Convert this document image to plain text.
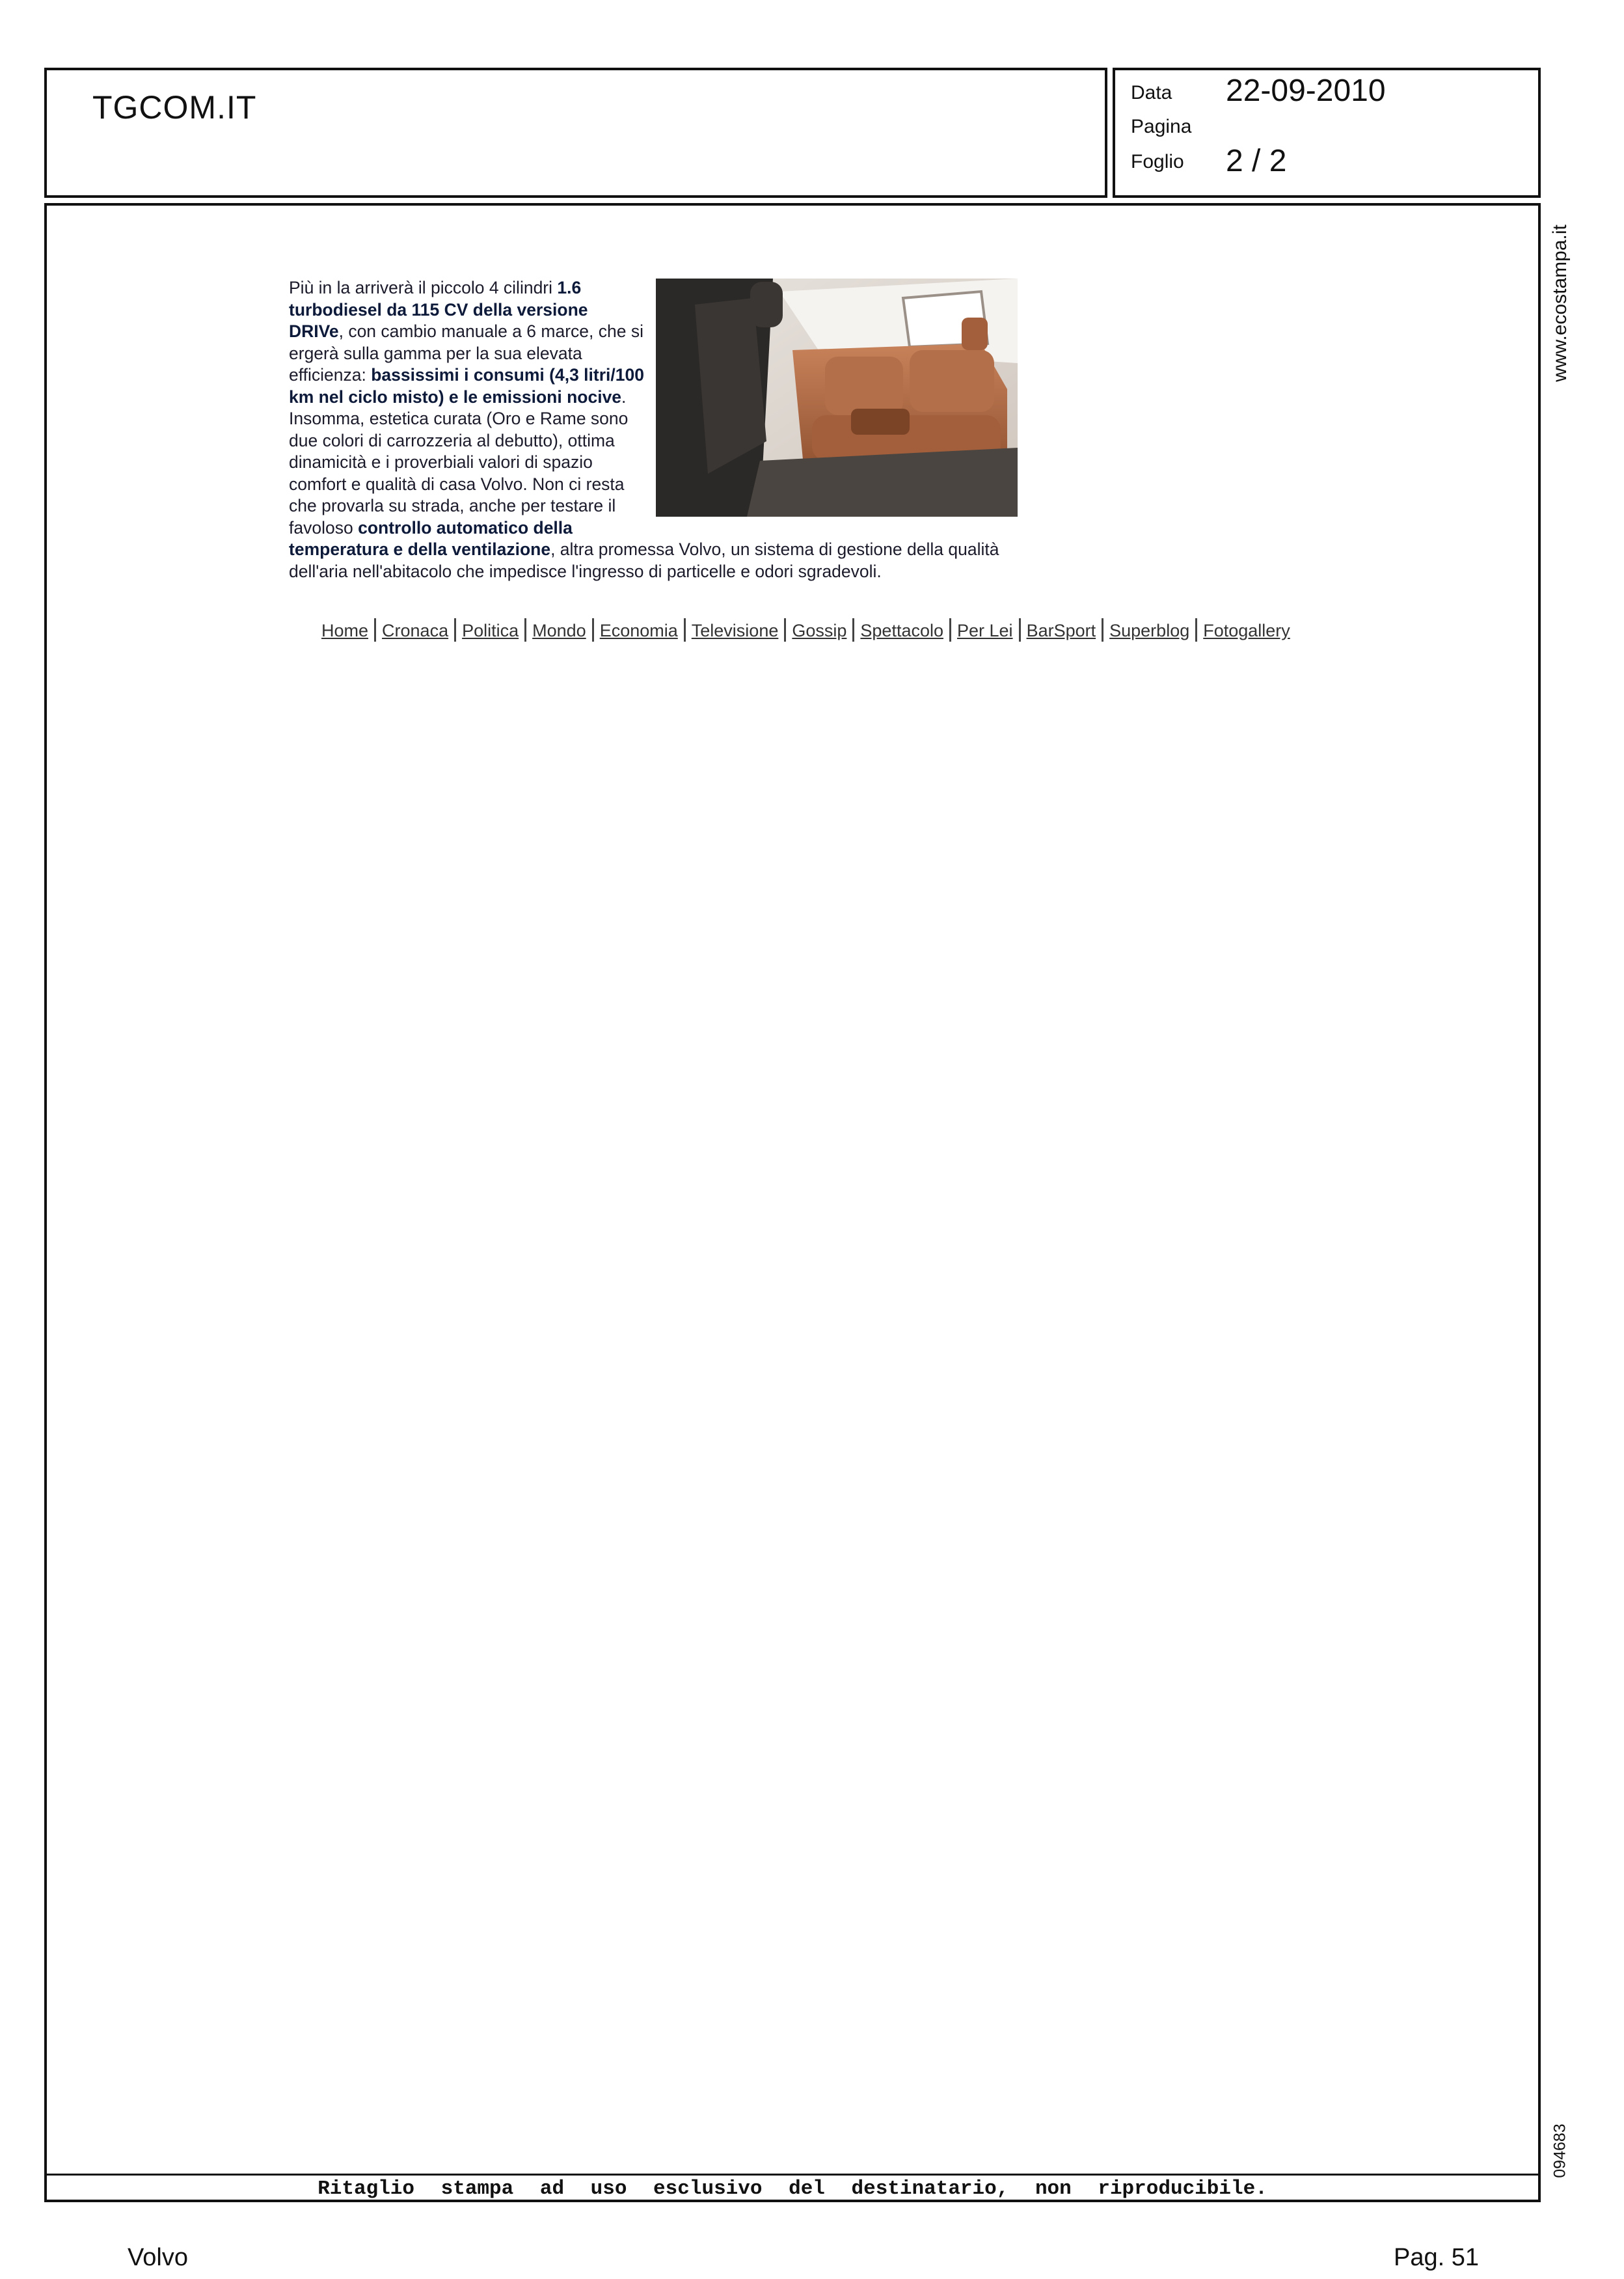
TGCOM.IT	Data 22-09-2010
Pagina
Foglio 2 / 2
www.ecostampa.it
094683
Più in la arriverà il piccolo 4 cilindri 1.6 turbodiesel da 115 CV della versione DRIVe, con cambio manuale a 6 marce, che si ergerà sulla gamma per la sua elevata efficienza: bassissimi i consumi (4,3 litri/100 km nel ciclo misto) e le emissioni nocive. Insomma, estetica curata (Oro e Rame sono due colori di carrozzeria al debutto), ottima dinamicità e i proverbiali valori di spazio comfort e qualità di casa Volvo. Non ci resta che provarla su strada, anche per testare il favoloso controllo automatico della temperatura e della ventilazione, altra promessa Volvo, un sistema di gestione della qualità dell'aria nell'abitacolo che impedisce l'ingresso di particelle e odori sgradevoli.
Home Cronaca Politica Mondo Economia Televisione Gossip Spettacolo Per Lei BarSport Superblog Fotogallery
Ritaglio stampa ad uso esclusivo del destinatario, non riproducibile.
Volvo	Pag. 51
